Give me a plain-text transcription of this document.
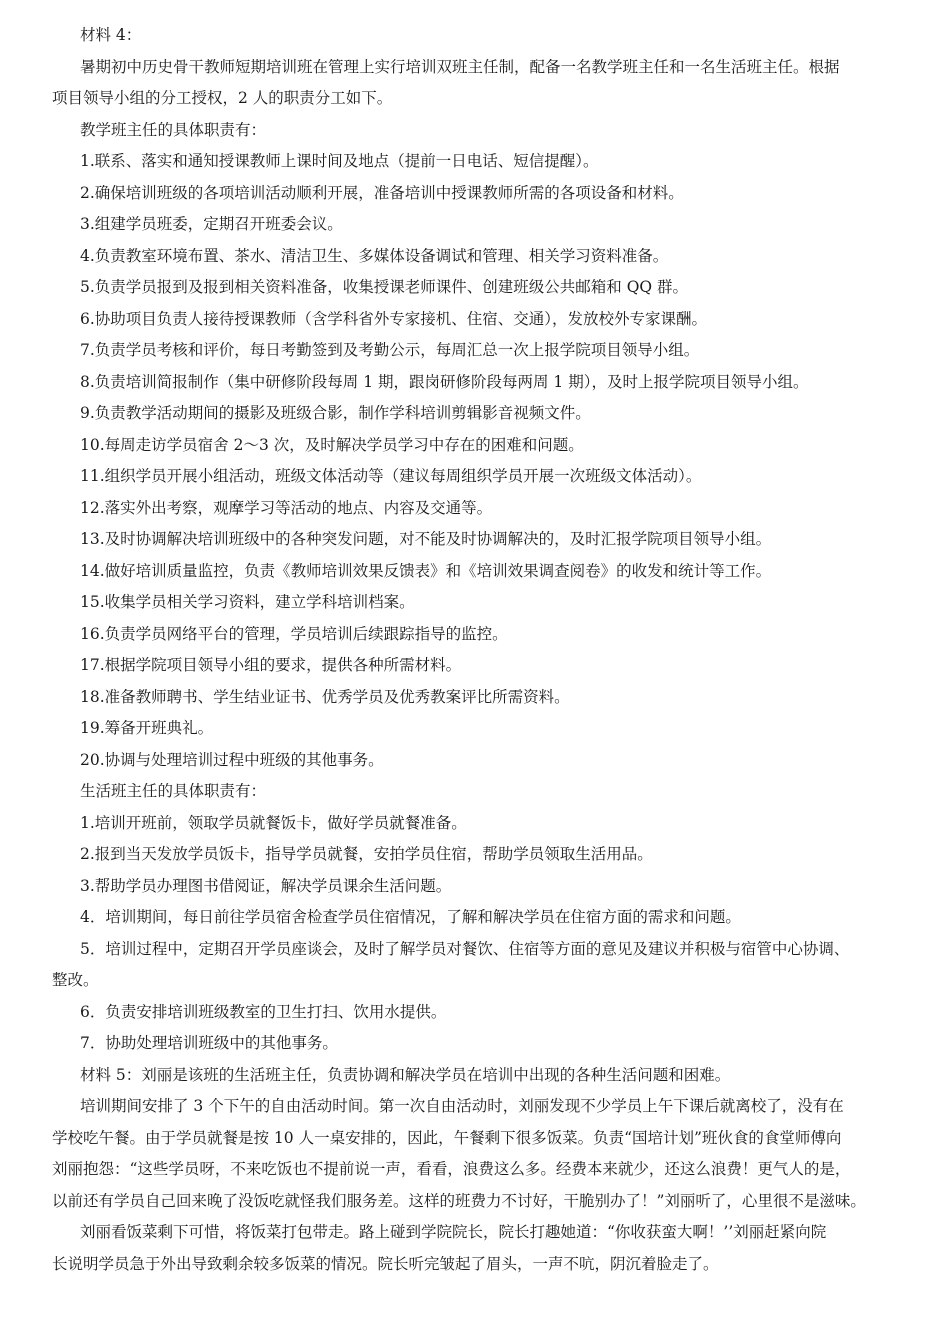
材料 4：
暑期初中历史骨干教师短期培训班在管理上实行培训双班主任制，配备一名教学班主任和一名生活班主任。根据
项目领导小组的分工授权，2 人的职责分工如下。
教学班主任的具体职责有：
1.联系、落实和通知授课教师上课时间及地点（提前一日电话、短信提醒）。
2.确保培训班级的各项培训活动顺利开展，准备培训中授课教师所需的各项设备和材料。
3.组建学员班委，定期召开班委会议。
4.负责教室环境布置、茶水、清洁卫生、多媒体设备调试和管理、相关学习资料准备。
5.负责学员报到及报到相关资料准备，收集授课老师课件、创建班级公共邮箱和 QQ 群。
6.协助项目负责人接待授课教师（含学科省外专家接机、住宿、交通），发放校外专家课酬。
7.负责学员考核和评价，每日考勤签到及考勤公示，每周汇总一次上报学院项目领导小组。
8.负责培训简报制作（集中研修阶段每周 1 期，跟岗研修阶段每两周 1 期），及时上报学院项目领导小组。
9.负责教学活动期间的摄影及班级合影，制作学科培训剪辑影音视频文件。
10.每周走访学员宿舍 2～3 次，及时解决学员学习中存在的困难和问题。
11.组织学员开展小组活动，班级文体活动等（建议每周组织学员开展一次班级文体活动）。
12.落实外出考察，观摩学习等活动的地点、内容及交通等。
13.及时协调解决培训班级中的各种突发问题，对不能及时协调解决的，及时汇报学院项目领导小组。
14.做好培训质量监控，负责《教师培训效果反馈表》和《培训效果调查阅卷》的收发和统计等工作。
15.收集学员相关学习资料，建立学科培训档案。
16.负责学员网络平台的管理，学员培训后续跟踪指导的监控。
17.根据学院项目领导小组的要求，提供各种所需材料。
18.准备教师聘书、学生结业证书、优秀学员及优秀教案评比所需资料。
19.筹备开班典礼。
20.协调与处理培训过程中班级的其他事务。
生活班主任的具体职责有：
1.培训开班前，领取学员就餐饭卡，做好学员就餐准备。
2.报到当天发放学员饭卡，指导学员就餐，安拍学员住宿，帮助学员领取生活用品。
3.帮助学员办理图书借阅证，解决学员课余生活问题。
4．培训期间，每日前往学员宿舍检查学员住宿情况，了解和解决学员在住宿方面的需求和问题。
5．培训过程中，定期召开学员座谈会，及时了解学员对餐饮、住宿等方面的意见及建议并积极与宿管中心协调、
整改。
6．负责安排培训班级教室的卫生打扫、饮用水提供。
7．协助处理培训班级中的其他事务。
材料 5：刘丽是该班的生活班主任，负责协调和解决学员在培训中出现的各种生活问题和困难。
培训期间安排了 3 个下午的自由活动时间。第一次自由活动时，刘丽发现不少学员上午下课后就离校了，没有在
学校吃午餐。由于学员就餐是按 10 人一桌安排的，因此，午餐剩下很多饭菜。负责“国培计划”班伙食的食堂师傅向
刘丽抱怨：“这些学员呀，不来吃饭也不提前说一声，看看，浪费这么多。经费本来就少，还这么浪费！更气人的是，
以前还有学员自己回来晚了没饭吃就怪我们服务差。这样的班费力不讨好，干脆别办了！”刘丽听了，心里很不是滋味。
刘丽看饭菜剩下可惜，将饭菜打包带走。路上碰到学院院长，院长打趣她道：“你收获蛮大啊！’’刘丽赶紧向院
长说明学员急于外出导致剩余较多饭菜的情况。院长听完皱起了眉头，一声不吭，阴沉着脸走了。
